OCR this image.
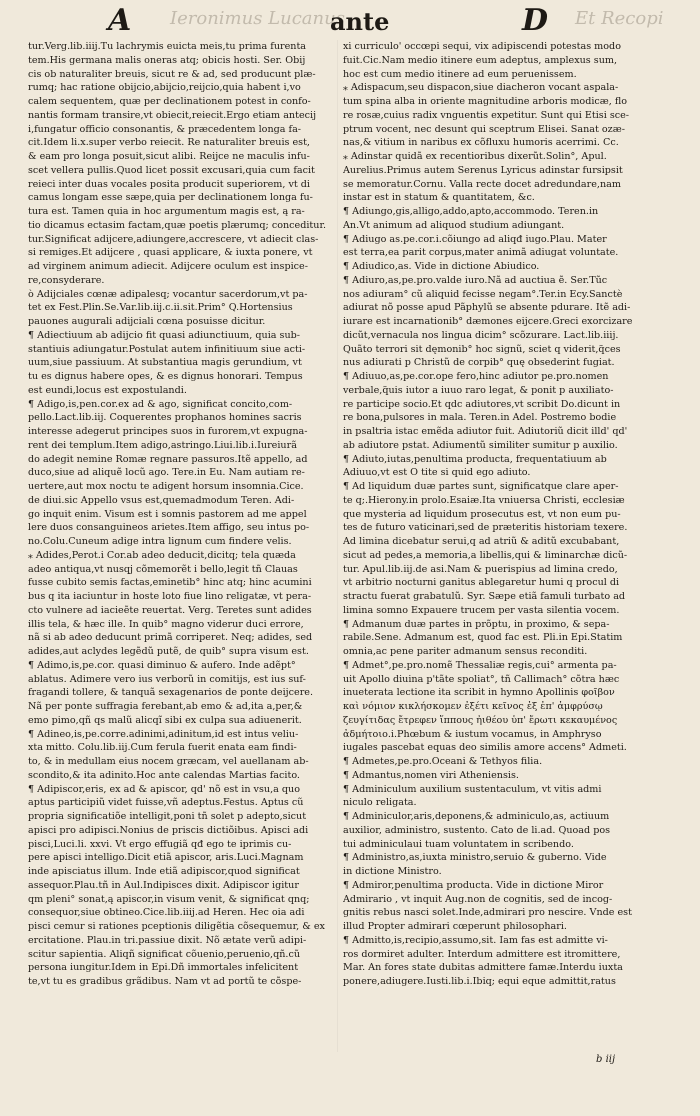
Ieronimus Lucanus	Et Recopi
A	ante	D
tur.Verg.lib.iiij.Tu lachrymis euicta meis,tu prima furenta
tem.His germana malis oneras atq; obicis hosti. Ser. Obij
cis ob naturaliter breuis, sicut re & ad, sed producunt plæ-
rumq; hac ratione obijcio,abijcio,reijcio,quia habent i,vo
calem sequentem, quæ per declinationem potest in confo-
nantis formam transire,vt obiecit,reiecit.Ergo etiam antecij
i,fungatur officio consonantis, & præcedentem longa fa-
cit.Idem li.x.super verbo reiecit. Re naturaliter breuis est,
& eam pro longa posuit,sicut alibi. Reijce ne maculis infu-
scet vellera pullis.Quod licet possit excusari,quia cum facit
reieci inter duas vocales posita producit superiorem, vt di
camus longam esse sæpe,quia per declinationem longa fu-
tura est. Tamen quia in hoc argumentum magis est, ą ra-
tio dicamus ectasim factam,quæ poetis plærumq; conceditur.
tur.Significat adijcere,adiungere,accrescere, vt adiecit clas-
si remiges.Et adijcere , quasi applicare, & iuxta ponere, vt
ad virginem animum adiecit. Adijcere oculum est inspice-
re,consyderare.
ò Adijciales cœnæ adipalesq; vocantur sacerdorum,vt pa-
tet ex Fest.Plin.Se.Var.lib.iij.c.ii.sit.Prim° Q.Hortensius
pauones augurali adijciali cœna posuisse dicitur.
¶ Adiectiuum ab adijcio fit quasi adiunctiuum, quia sub-
stantiuis adiungatur.Postulat autem infinitiuum siue acti-
uum,siue passiuum. At substantiua magis gerundium, vt
tu es dignus habere opes, & es dignus honorari. Tempus
est eundi,locus est expostulandi.
¶ Adigo,is,pen.cor.ex ad & ago, significat concito,com-
pello.Lact.lib.iij. Coquerentes prophanos homines sacris
interesse adegerut principes suos in furorem,vt expugna-
rent dei templum.Item adigo,astringo.Liui.lib.i.Iureiurã
do adegit nemine Romæ regnare passuros.Itẽ appello, ad
duco,siue ad aliquẽ locũ ago. Tere.in Eu. Nam autiam re-
uertere,aut mox noctu te adigent horsum insomnia.Cice.
de diui.sic Appello vsus est,quemadmodum Teren. Adi-
go inquit enim. Visum est i somnis pastorem ad me appel
lere duos consanguineos arietes.Item affigo, seu intus po-
no.Colu.Cuneum adige intra lignum cum findere velis.
⁎ Adides,Perot.i Cor.ab adeo deducit,dicitq; tela quæda
adeo antiqua,vt nusqj cõmemorẽt i bello,legit tñ Clauas
fusse cubito semis factas,eminetib° hinc atq; hinc acumini
bus q ita iaciuntur in hoste loto fiue lino religatæ, vt pera-
cto vulnere ad iacieẽte reuertat. Verg. Teretes sunt adides
illis tela, & hæc ille. In quib° magno viderur duci errore,
nã si ab adeo deducunt primã corriperet. Neq; adides, sed
adides,aut aclydes legẽdũ putẽ, de quib° supra visum est.
¶ Adimo,is,pe.cor. quasi diminuo & aufero. Inde adẽpt°
ablatus. Adimere vero ius verborũ in comitijs, est ius suf-
fragandi tollere, & tanquã sexagenarios de ponte deijcere.
Nã per ponte suffragia ferebant,ab emo & ad,ita a,per,&
emo pimo,qñ qs malũ alicqĩ sibi ex culpa sua adiuenerit.
¶ Adineo,is,pe.corre.adinimi,adinitum,id est intus veliu-
xta mitto. Colu.lib.iij.Cum ferula fuerit enata eam findi-
to, & in medullam eius nocem græcam, vel auellanam ab-
scondito,& ita adinito.Hoc ante calendas Martias facito.
¶ Adipiscor,eris, ex ad & apiscor, qd' nõ est in vsu,a quo
aptus participiũ videt fuisse,vñ adeptus.Festus. Aptus cũ
propria significatiõe intelligit,poni tñ solet p adepto,sicut
apisci pro adipisci.Nonius de priscis dictiõibus. Apisci adi
pisci,Luci.li. xxvi. Vt ergo effugiã qđ ego te iprimis cu-
pere apisci intelligo.Dicit etiã apiscor, aris.Luci.Magnam
inde apisciatus illum. Inde etiã adipiscor,quod significat
assequor.Plau.tñ in Aul.Indipisces dixit. Adipiscor igitur
qm pleni° sonat,ą apiscor,in visum venit, & significat qnq;
consequor,siue obtineo.Cice.lib.iiij.ad Heren. Hec oia adi
pisci cemur si rationes pceptionis diligẽtia cõsequemur, & ex
ercitatione. Plau.in tri.passiue dixit. Nõ ætate verũ adipi-
scitur sapientia. Aliqñ significat cõuenio,peruenio,qñ.cũ
persona iungitur.Idem in Epi.Dñ immortales infelicitent
te,vt tu es gradibus grãdibus. Nam vt ad portũ te cõspe-
xi curriculo' occœpi sequi, vix adipiscendi potestas modo
fuit.Cic.Nam medio itinere eum adeptus, amplexus sum,
hoc est cum medio itinere ad eum peruenissem.
⁎ Adispacum,seu dispacon,siue diacheron vocant aspala-
tum spina alba in oriente magnitudine arboris modicæ, flo
re rosæ,cuius radix vnguentis expetitur. Sunt qui Etisi sce-
ptrum vocent, nec desunt qui sceptrum Elisei. Sanat ozæ-
nas,& vitium in naribus ex cõfluxu humoris acerrimi. Cc.
⁎ Adinstar quidã ex recentioribus dixerũt.Solin°, Apul.
Aurelius.Primus autem Serenus Lyricus adinstar fursipsit
se memoratur.Cornu. Valla recte docet adredundare,nam
instar est in statum & quantitatem, &c.
¶ Adiungo,gis,alligo,addo,apto,accommodo. Teren.in
An.Vt animum ad aliquod studium adiungant.
¶ Adiugo as.pe.cor.i.cõiungo ad aliqđ iugo.Plau. Mater
est terra,ea parit corpus,mater animã adiugat voluntate.
¶ Adiudico,as. Vide in dictione Abiudico.
¶ Adiuro,as,pe.pro.valde iuro.Nã ad auctiua ẽ. Ser.Tũc
nos adiuram° cũ aliquid fecisse negam°.Ter.in Ecy.Sanctè
adiurat nõ posse apud Pãphylũ se absente pdurare. Itẽ adi-
iurare est incarnationib° dæmones eijcere.Greci exorcizare
dicũt,vernacula nos lingua dicim° scõzurare. Lact.lib.iiij.
Quãto terrori sit dęmonib° hoc signũ, sciet q viderit,q̃ces
nus adiurati p Christũ de corpib° quę obsederint fugiat.
¶ Adiuuo,as,pe.cor.ope fero,hinc adiutor pe.pro.nomen
verbale,q̃uis iutor a iuuo raro legat, & ponit p auxiliato-
re participe socio.Et qdc adiutores,vt scribit Do.dicunt in
re bona,pulsores in mala. Teren.in Adel. Postremo bodie
in psaltria istac emẽda adiutor fuit. Adiutoriũ dicit illd' qd'
ab adiutore pstat. Adiumentũ similiter sumitur p auxilio.
¶ Adiuto,iutas,penultima producta, frequentatiuum ab
Adiuuo,vt est O tite si quid ego adiuto.
¶ Ad liquidum duæ partes sunt, significatque clare aper-
te q;.Hierony.in prolo.Esaiæ.Ita vniuersa Christi, ecclesiæ
que mysteria ad liquidum prosecutus est, vt non eum pu-
tes de futuro vaticinari,sed de præteritis historiam texere.
Ad limina dicebatur serui,q ad atriũ & aditũ excubabant,
sicut ad pedes,a memoria,a libellis,qui & liminarchæ dicũ-
tur. Apul.lib.iij.de asi.Nam & puerispius ad limina credo,
vt arbitrio nocturni ganitus ablegaretur humi q procul di
stractu fuerat grabatulũ. Syr. Sæpe etiã famuli turbato ad
limina somno Expauere trucem per vasta silentia vocem.
¶ Admanum duæ partes in prõptu, in proximo, & sepa-
rabile.Sene. Admanum est, quod fac est. Pli.in Epi.Statim
omnia,ac pene pariter admanum sensus reconditi.
¶ Admet°,pe.pro.nomẽ Thessaliæ regis,cui° armenta pa-
uit Apollo diuina p'tãte spoliat°, tñ Callimach° cõtra hæc
inueterata lectione ita scribit in hymno Apollinis φοῖβον
καὶ νόμιον κικλήσκομεν ἐξέτι κεῖνος ἐξ ἐπ' ἀμφρύσῳ
ζευγίτιδας ἔτρεφεν ἵππους ἠιθέου ὑπ' ἔρωτι κεκαυμένος
ἀδμήτοιο.i.Phœbum & iustum vocamus, in Amphryso
iugales pascebat equas deo similis amore accens° Admeti.
¶ Admetes,pe.pro.Oceani & Tethyos filia.
¶ Admantus,nomen viri Atheniensis.
¶ Adminiculum auxilium sustentaculum, vt vitis admi
niculo religata.
¶ Adminiculor,aris,deponens,& adminiculo,as, actiuum
auxilior, administro, sustento. Cato de li.ad. Quoad pos
tui adminiculaui tuam voluntatem in scribendo.
¶ Administro,as,iuxta ministro,seruio & guberno. Vide
in dictione Ministro.
¶ Admiror,penultima producta. Vide in dictione Miror
Admirario , vt inquit Aug.non de cognitis, sed de incog-
gnitis rebus nasci solet.Inde,admirari pro nescire. Vnde est
illud Propter admirari cœperunt philosophari.
¶ Admitto,is,recipio,assumo,sit. Iam fas est admitte vi-
ros dormiret adulter. Interdum admittere est itromittere,
Mar. An fores state dubitas admittere famæ.Interdu iuxta
ponere,adiugere.Iusti.lib.i.Ibiq; equi eque admittit,ratus
b iij
